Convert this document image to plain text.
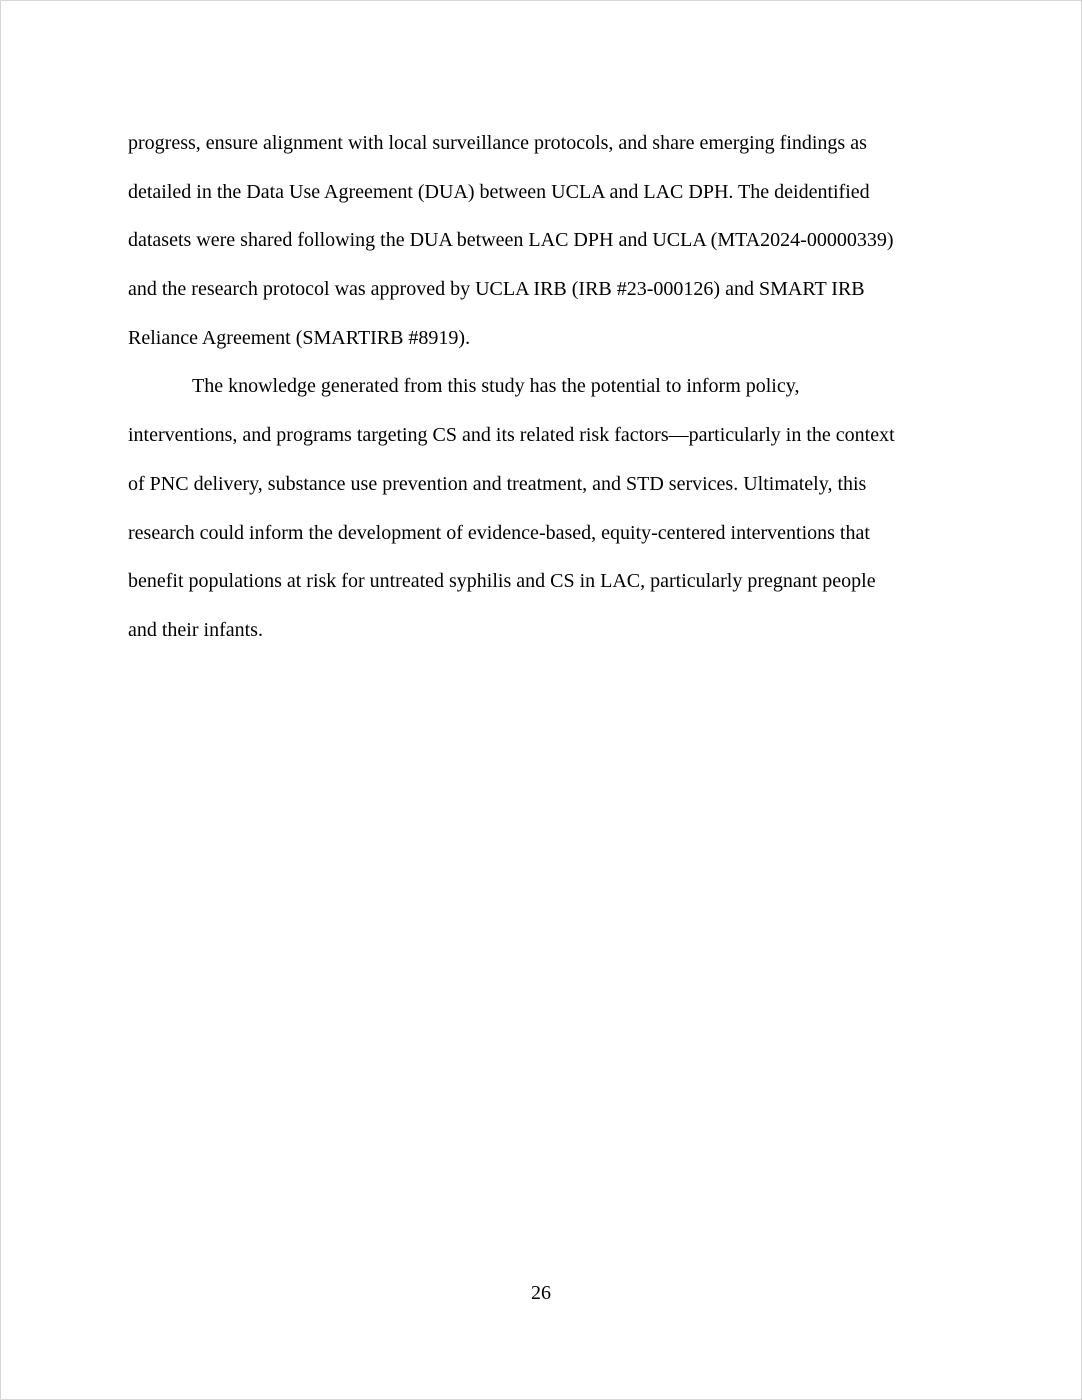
progress, ensure alignment with local surveillance protocols, and share emerging findings as
detailed in the Data Use Agreement (DUA) between UCLA and LAC DPH. The deidentified
datasets were shared following the DUA between LAC DPH and UCLA (MTA2024-00000339)
and the research protocol was approved by UCLA IRB (IRB #23-000126) and SMART IRB
Reliance Agreement (SMARTIRB #8919).
The knowledge generated from this study has the potential to inform policy,
interventions, and programs targeting CS and its related risk factors—particularly in the context
of PNC delivery, substance use prevention and treatment, and STD services. Ultimately, this
research could inform the development of evidence-based, equity-centered interventions that
benefit populations at risk for untreated syphilis and CS in LAC, particularly pregnant people
and their infants.
26
